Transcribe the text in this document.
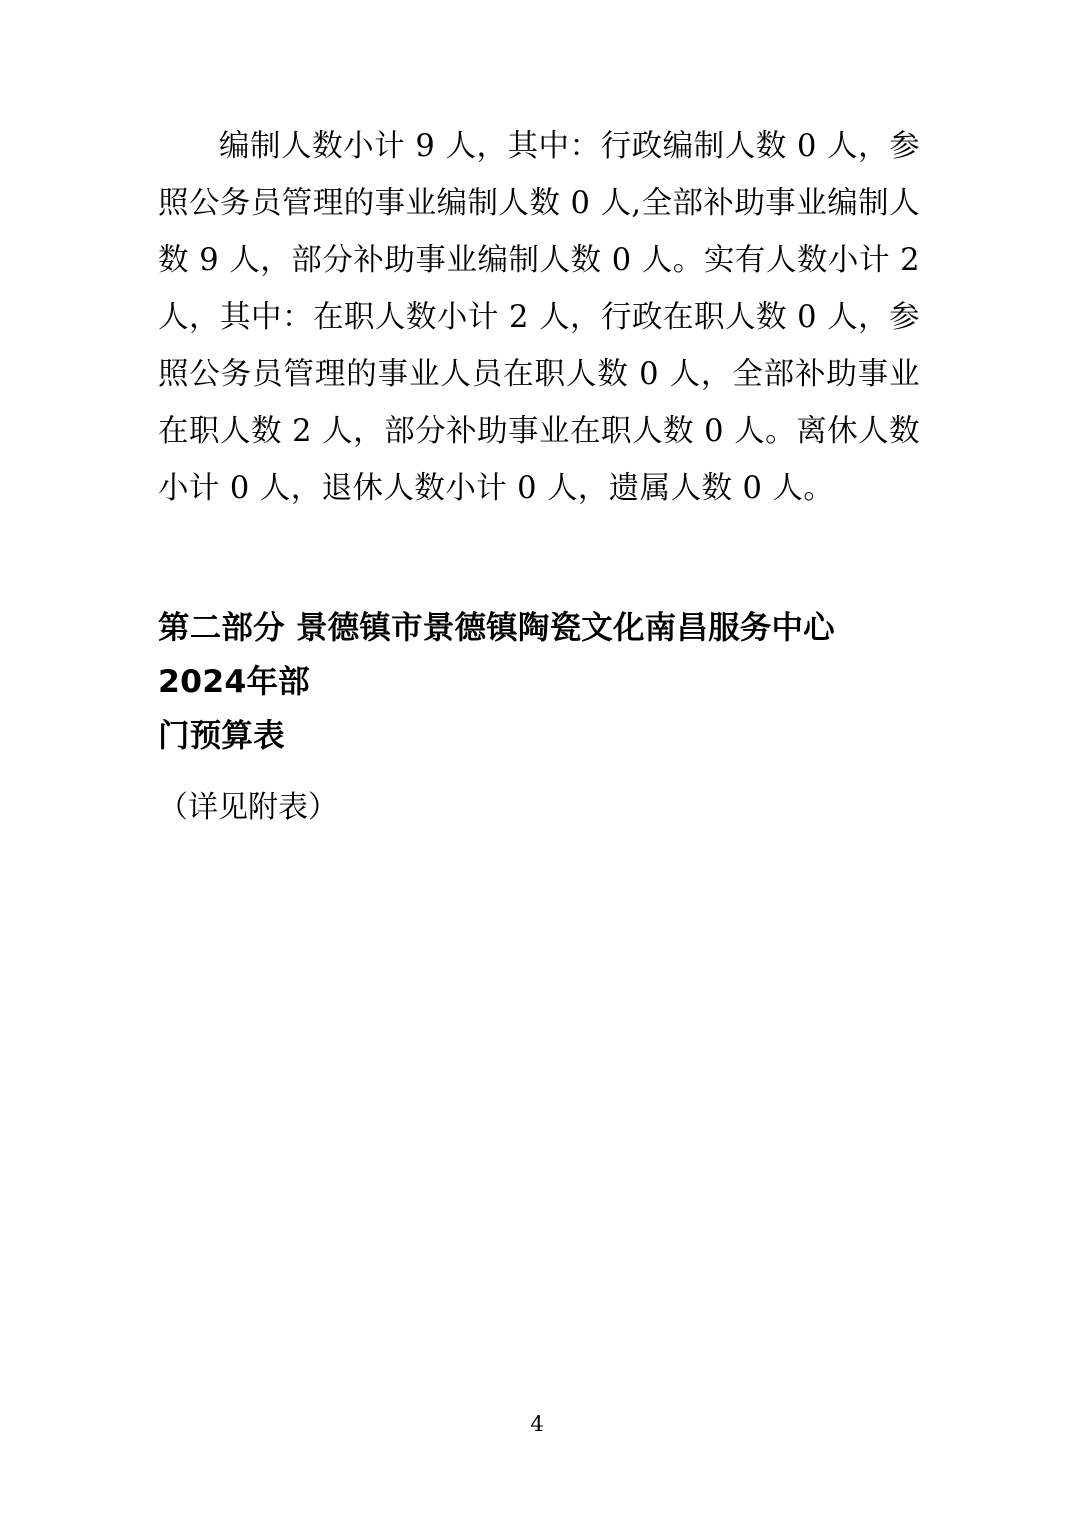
编制人数小计 9 人，其中：行政编制人数 0 人，参照公务员管理的事业编制人数 0 人,全部补助事业编制人数 9 人，部分补助事业编制人数 0 人。实有人数小计 2 人，其中：在职人数小计 2 人，行政在职人数 0 人，参照公务员管理的事业人员在职人数 0 人，全部补助事业在职人数 2 人，部分补助事业在职人数 0 人。离休人数小计 0 人，退休人数小计 0 人，遗属人数 0 人。

第二部分 景德镇市景德镇陶瓷文化南昌服务中心2024年部
门预算表
（详见附表）
4
